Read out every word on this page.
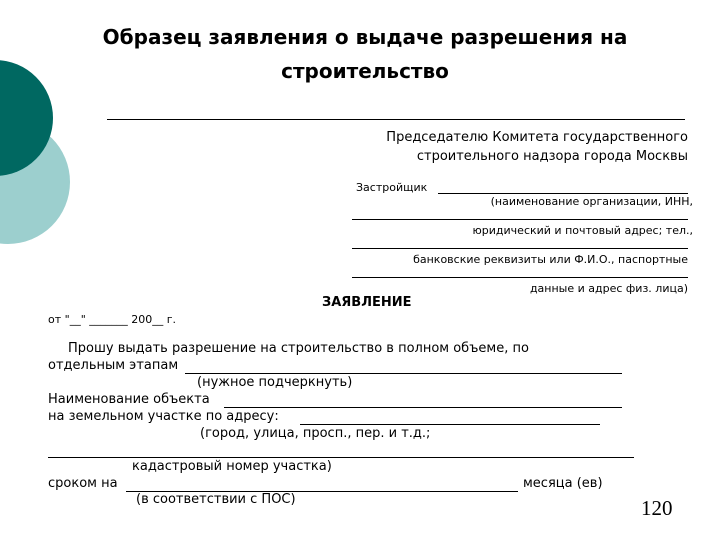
Образец заявления о выдаче разрешения на строительство
Председателю Комитета государственного
строительного надзора города Москвы
Застройщик
(наименование организации, ИНН,
юридический и почтовый адрес; тел.,
банковские реквизиты или Ф.И.О., паспортные
данные и адрес физ. лица)
ЗАЯВЛЕНИЕ
от "__" _______ 200__ г.
Прошу выдать разрешение на строительство в полном объеме, по
отдельным этапам
(нужное подчеркнуть)
Наименование объекта
на земельном участке по адресу:
(город, улица, просп., пер. и т.д.;
кадастровый номер участка)
сроком на	месяца (ев)
(в соответствии с ПОС)	120
